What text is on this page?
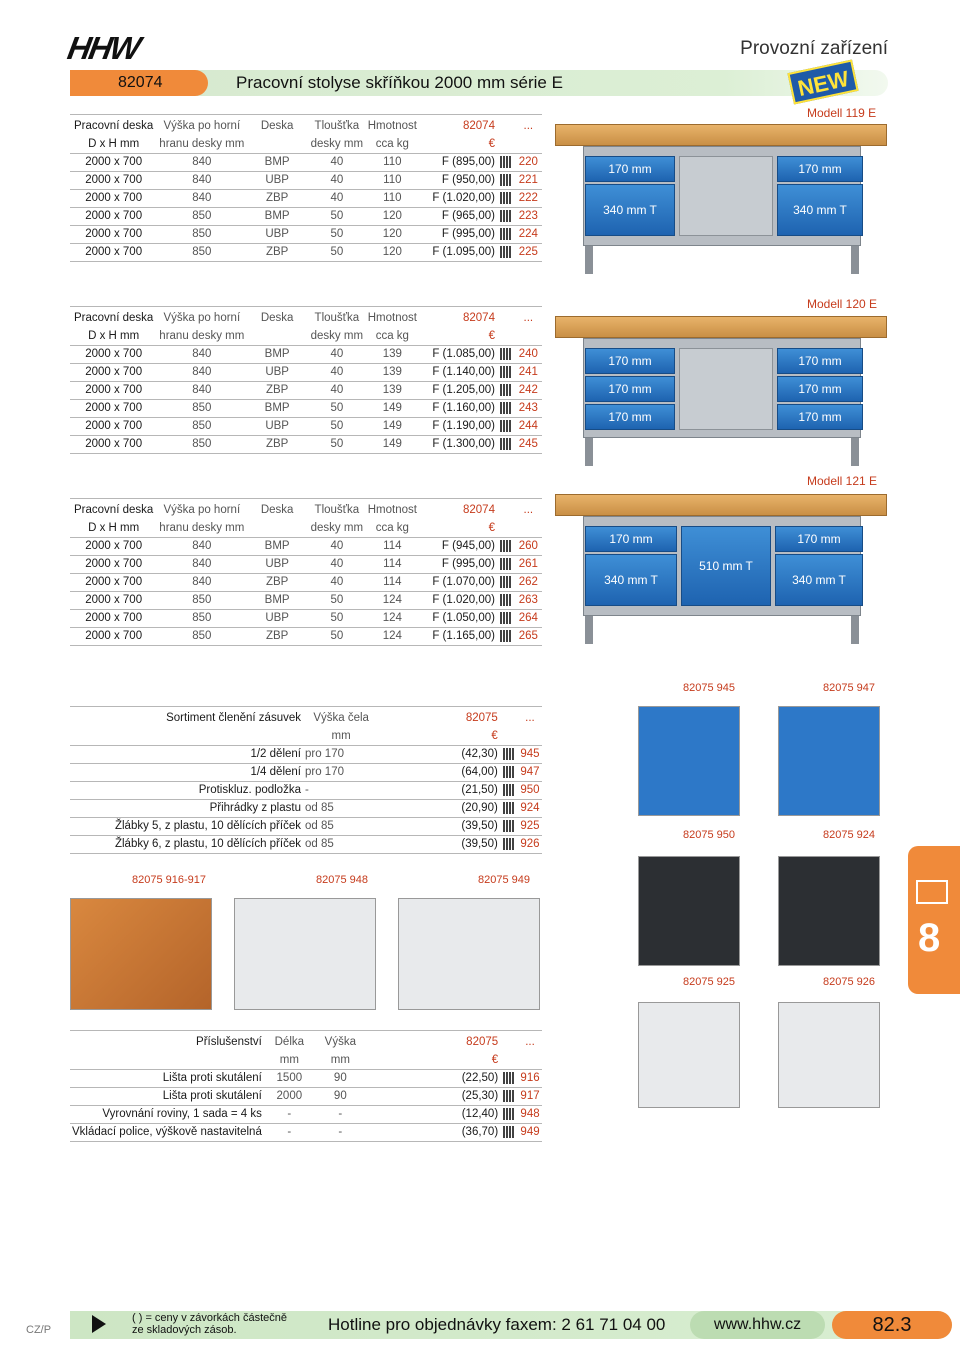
HHW	Provozní zařízení
82074	Pracovní stolyse skříňkou 2000 mm série E	NEW
Modell 119 E
Pracovní deska	Výška po horní	Deska	Tloušťka	Hmotnost	82074		...
D x H mm	hranu desky mm		desky mm	cca kg	€		
2000 x 700	840	BMP	40	110	F (895,00)		220
2000 x 700	840	UBP	40	110	F (950,00)		221
2000 x 700	840	ZBP	40	110	F (1.020,00)		222
2000 x 700	850	BMP	50	120	F (965,00)		223
2000 x 700	850	UBP	50	120	F (995,00)		224
2000 x 700	850	ZBP	50	120	F (1.095,00)		225
170 mm
340 mm T
170 mm
340 mm T
Modell 120 E
Pracovní deska	Výška po horní	Deska	Tloušťka	Hmotnost	82074		...
D x H mm	hranu desky mm		desky mm	cca kg	€		
2000 x 700	840	BMP	40	139	F (1.085,00)		240
2000 x 700	840	UBP	40	139	F (1.140,00)		241
2000 x 700	840	ZBP	40	139	F (1.205,00)		242
2000 x 700	850	BMP	50	149	F (1.160,00)		243
2000 x 700	850	UBP	50	149	F (1.190,00)		244
2000 x 700	850	ZBP	50	149	F (1.300,00)		245
170 mm
170 mm
170 mm
170 mm
170 mm
170 mm
Modell 121 E
Pracovní deska	Výška po horní	Deska	Tloušťka	Hmotnost	82074		...
D x H mm	hranu desky mm		desky mm	cca kg	€		
2000 x 700	840	BMP	40	114	F (945,00)		260
2000 x 700	840	UBP	40	114	F (995,00)		261
2000 x 700	840	ZBP	40	114	F (1.070,00)		262
2000 x 700	850	BMP	50	124	F (1.020,00)		263
2000 x 700	850	UBP	50	124	F (1.050,00)		264
2000 x 700	850	ZBP	50	124	F (1.165,00)		265
170 mm
340 mm T
510 mm T
170 mm
340 mm T
Sortiment členění zásuvek	Výška čela	82075		...
	mm	€		
1/2 dělení	pro 170	(42,30)		945
1/4 dělení	pro 170	(64,00)		947
Protiskluz. podložka	-	(21,50)		950
Přihrádky z plastu	od 85	(20,90)		924
Žlábky 5, z plastu, 10 dělících příček	od 85	(39,50)		925
Žlábky 6, z plastu, 10 dělících příček	od 85	(39,50)		926
82075 945	82075 947
82075 950	82075 924
82075 925	82075 926
82075 916-917	82075 948	82075 949
Příslušenství	Délka	Výška	82075		...
	mm	mm	€		
Lišta proti skutálení	1500	90	(22,50)		916
Lišta proti skutálení	2000	90	(25,30)		917
Vyrovnání roviny, 1 sada = 4 ks	-	-	(12,40)		948
Vkládací police, výškově nastavitelná	-	-	(36,70)		949
8
CZ/P
( ) = ceny v závorkách částečně
ze skladových zásob.	Hotline pro objednávky faxem: 2 61 71 04 00	www.hhw.cz	82.3
